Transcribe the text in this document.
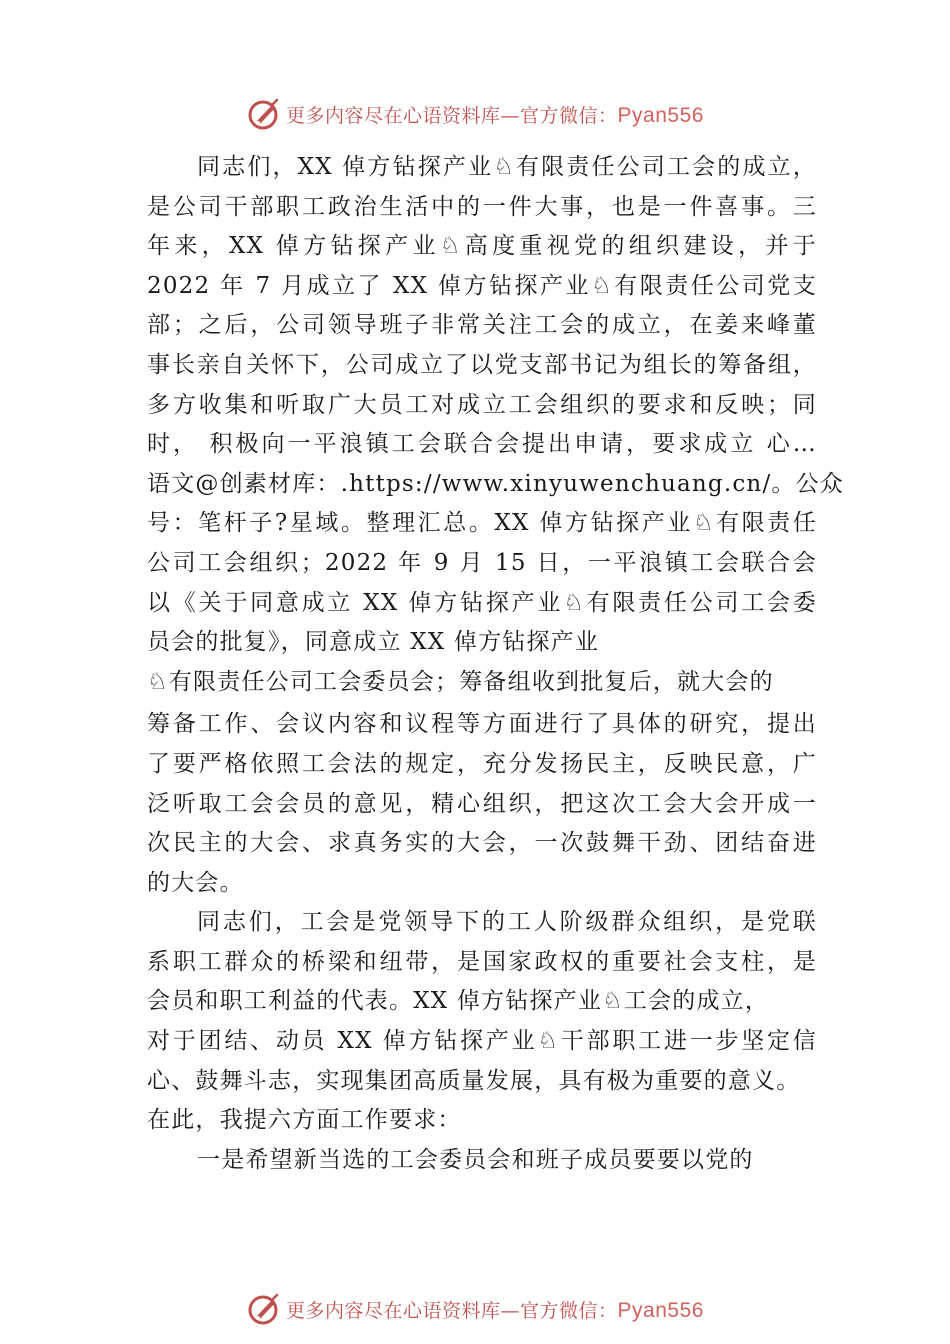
更多内容尽在心语资料库—官方微信：Pyan556
同志们，XX 倬方钻探产业♘有限责任公司工会的成立，
是公司干部职工政治生活中的一件大事，也是一件喜事。三
年来，XX 倬方钻探产业♘高度重视党的组织建设，并于
2022 年 7 月成立了 XX 倬方钻探产业♘有限责任公司党支
部；之后，公司领导班子非常关注工会的成立，在姜来峰董
事长亲自关怀下，公司成立了以党支部书记为组长的筹备组，
多方收集和听取广大员工对成立工会组织的要求和反映；同
时， 积极向一平浪镇工会联合会提出申请，要求成立 心…
语文@创素材库：.https://www.xinyuwenchuang.cn/。公众
号：笔杆子?星域。整理汇总。XX 倬方钻探产业♘有限责任
公司工会组织；2022 年 9 月 15 日，一平浪镇工会联合会
以《关于同意成立 XX 倬方钻探产业♘有限责任公司工会委
员会的批复》，同意成立 XX 倬方钻探产业
♘有限责任公司工会委员会；筹备组收到批复后，就大会的
筹备工作、会议内容和议程等方面进行了具体的研究，提出
了要严格依照工会法的规定，充分发扬民主，反映民意，广
泛听取工会会员的意见，精心组织，把这次工会大会开成一
次民主的大会、求真务实的大会，一次鼓舞干劲、团结奋进
的大会。
同志们，工会是党领导下的工人阶级群众组织，是党联
系职工群众的桥梁和纽带，是国家政权的重要社会支柱，是
会员和职工利益的代表。XX 倬方钻探产业♘工会的成立，
对于团结、动员 XX 倬方钻探产业♘干部职工进一步坚定信
心、鼓舞斗志，实现集团高质量发展，具有极为重要的意义。
在此，我提六方面工作要求：
一是希望新当选的工会委员会和班子成员要要以党的
更多内容尽在心语资料库—官方微信：Pyan556
